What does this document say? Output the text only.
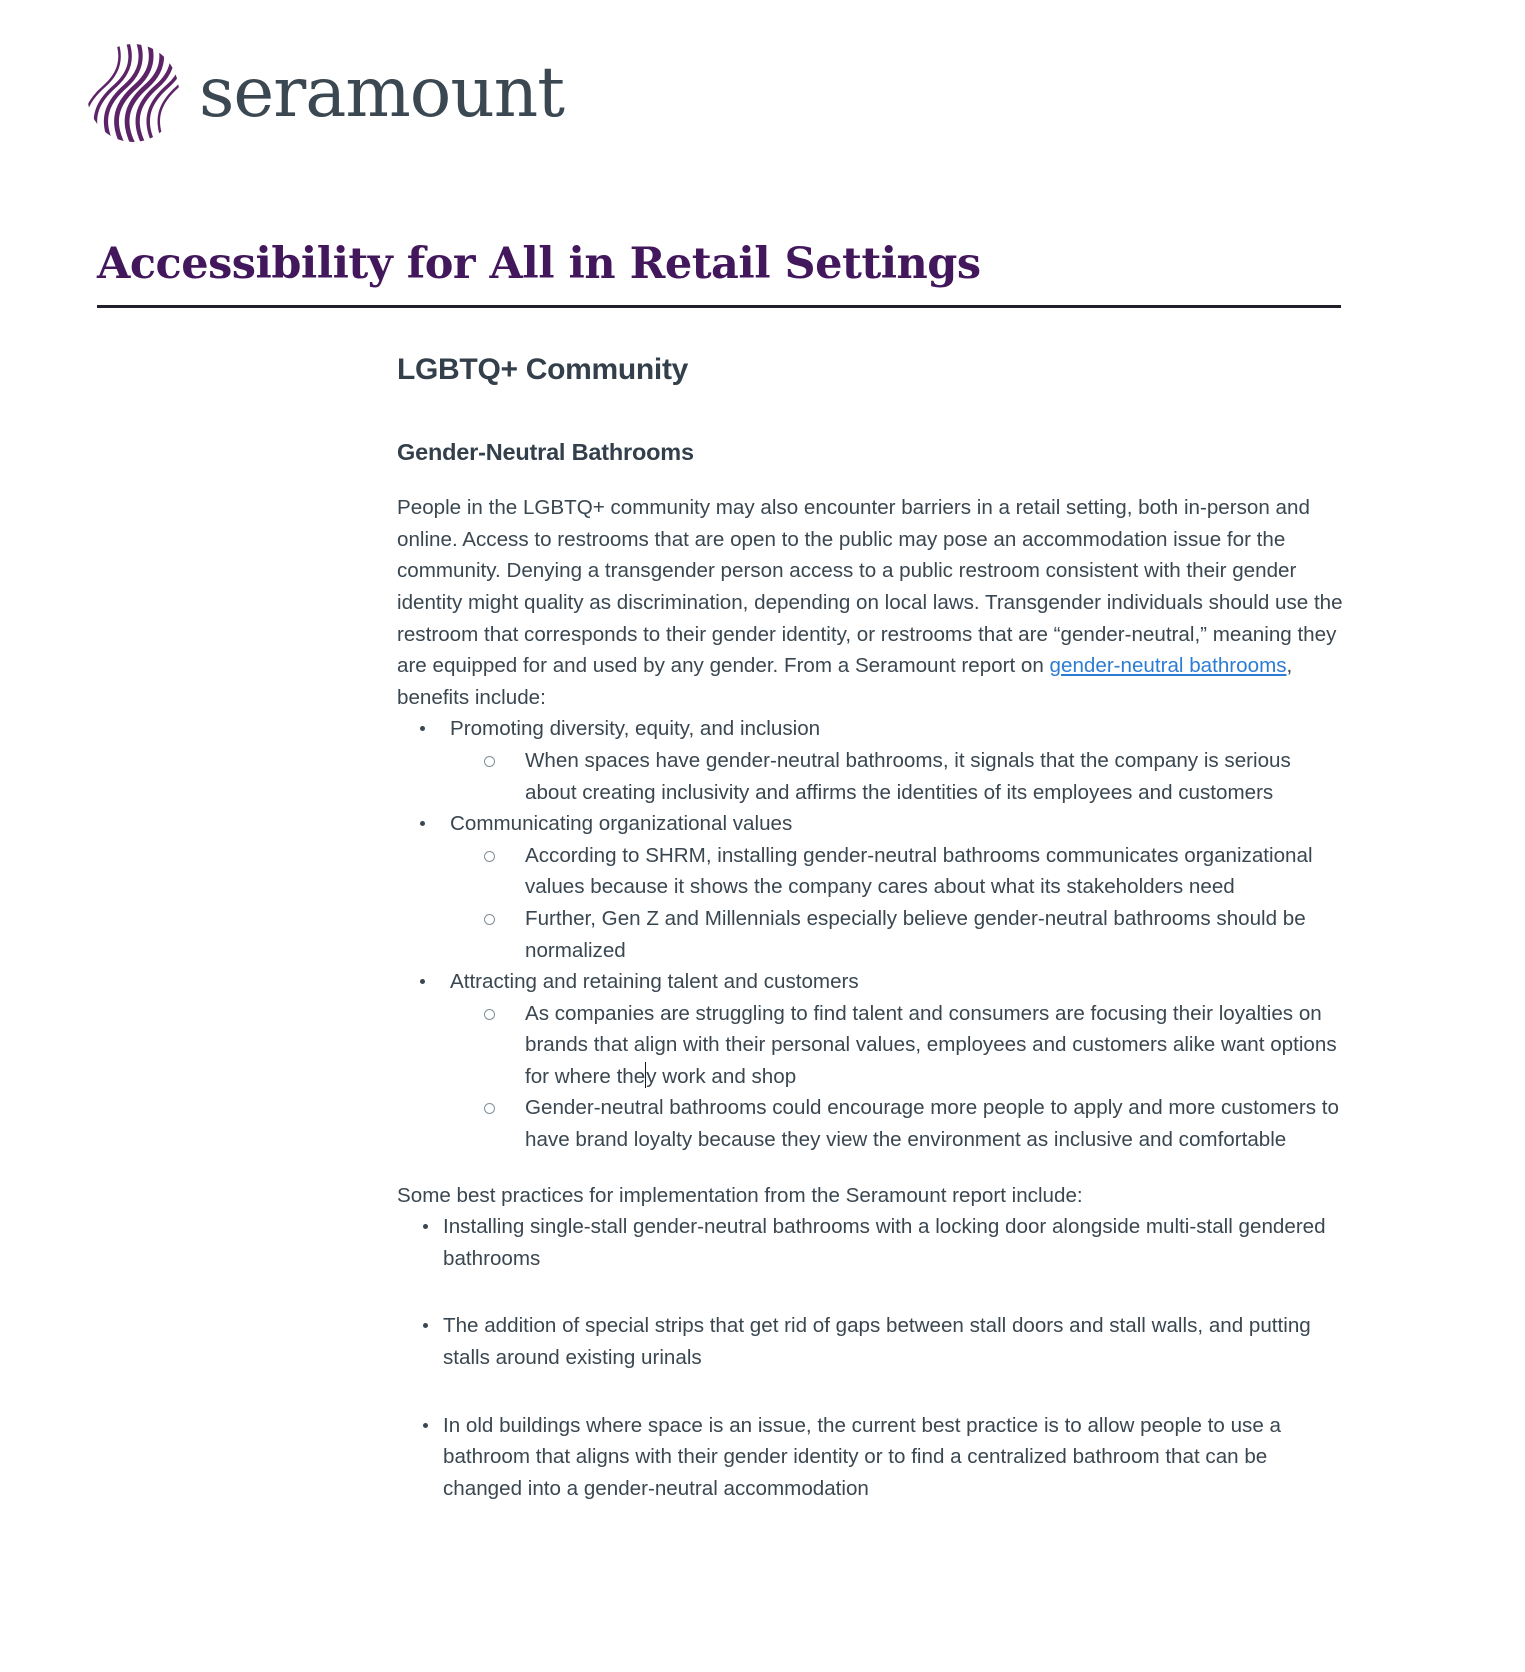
seramount
Accessibility for All in Retail Settings
LGBTQ+ Community
Gender-Neutral Bathrooms

People in the LGBTQ+ community may also encounter barriers in a retail setting, both in-person and online. Access to restrooms that are open to the public may pose an accommodation issue for the community. Denying a transgender person access to a public restroom consistent with their gender identity might quality as discrimination, depending on local laws. Transgender individuals should use the restroom that corresponds to their gender identity, or restrooms that are “gender-neutral,” meaning they are equipped for and used by any gender. From a Seramount report on gender-neutral bathrooms, benefits include:

Promoting diversity, equity, and inclusion
When spaces have gender-neutral bathrooms, it signals that the company is serious about creating inclusivity and affirms the identities of its employees and customers
Communicating organizational values
According to SHRM, installing gender-neutral bathrooms communicates organizational values because it shows the company cares about what its stakeholders need
Further, Gen Z and Millennials especially believe gender-neutral bathrooms should be normalized
Attracting and retaining talent and customers
As companies are struggling to find talent and consumers are focusing their loyalties on brands that align with their personal values, employees and customers alike want options for where they work and shop
Gender-neutral bathrooms could encourage more people to apply and more customers to have brand loyalty because they view the environment as inclusive and comfortable

Some best practices for implementation from the Seramount report include:

Installing single-stall gender-neutral bathrooms with a locking door alongside multi-stall gendered bathrooms
The addition of special strips that get rid of gaps between stall doors and stall walls, and putting stalls around existing urinals
In old buildings where space is an issue, the current best practice is to allow people to use a bathroom that aligns with their gender identity or to find a centralized bathroom that can be changed into a gender-neutral accommodation
